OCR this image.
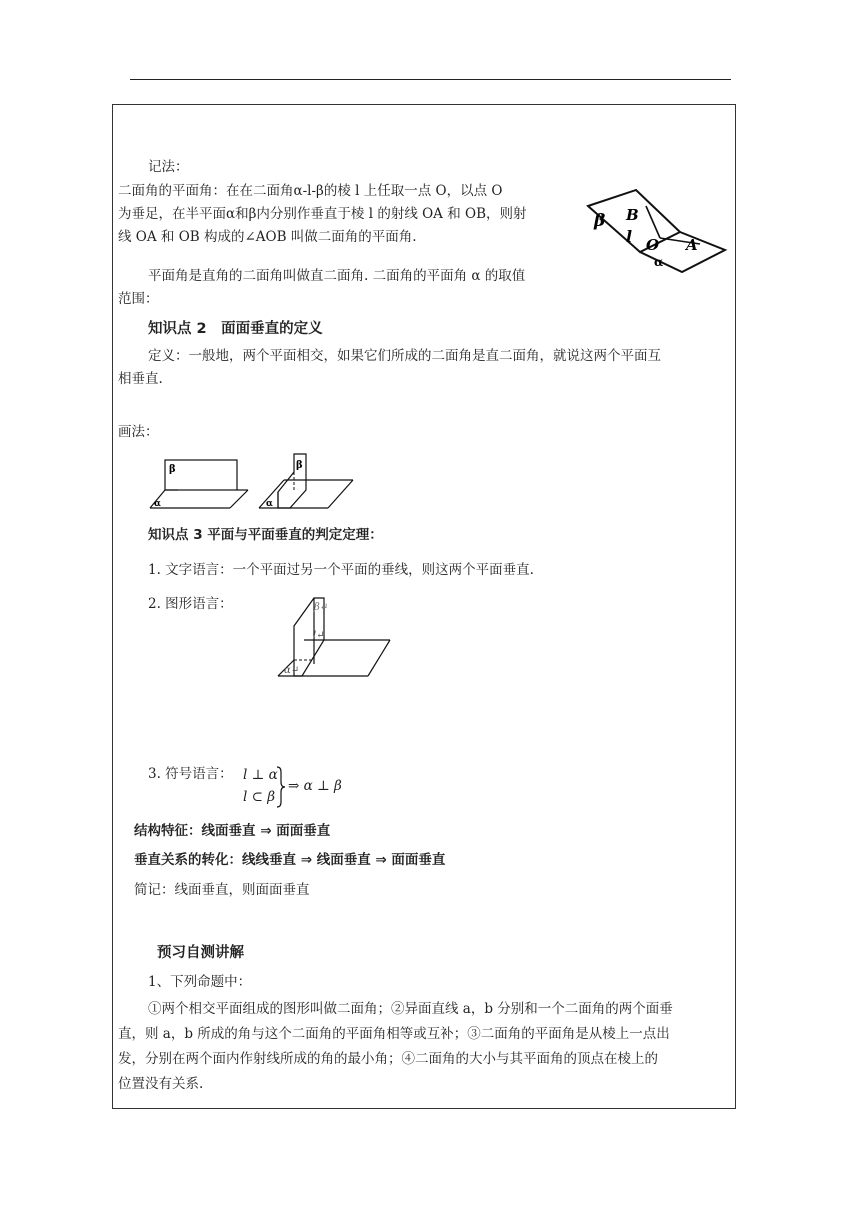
记法：
二面角的平面角：在在二面角α-l-β的棱 l 上任取一点 O，以点 O
为垂足，在半平面α和β内分别作垂直于棱 l 的射线 OA 和 OB，则射
线 OA 和 OB 构成的∠AOB 叫做二面角的平面角.
平面角是直角的二面角叫做直二面角. 二面角的平面角 α 的取值
范围：
β B
l O A
α
知识点 2　面面垂直的定义
定义：一般地，两个平面相交，如果它们所成的二面角是直二面角，就说这两个平面互
相垂直.
画法：
β
α
β
α
知识点 3 平面与平面垂直的判定定理：
1. 文字语言：一个平面过另一个平面的垂线，则这两个平面垂直.
2. 图形语言：	β↵
l↵
α↵
3. 符号语言： l ⊥ α
l ⊂ β
⇒ α ⊥ β
结构特征：线面垂直 ⇒ 面面垂直
垂直关系的转化：线线垂直 ⇒ 线面垂直 ⇒ 面面垂直
简记：线面垂直，则面面垂直
预习自测讲解
1、下列命题中：
①两个相交平面组成的图形叫做二面角；②异面直线 a，b 分别和一个二面角的两个面垂
直，则 a，b 所成的角与这个二面角的平面角相等或互补；③二面角的平面角是从棱上一点出
发，分别在两个面内作射线所成的角的最小角；④二面角的大小与其平面角的顶点在棱上的
位置没有关系.
